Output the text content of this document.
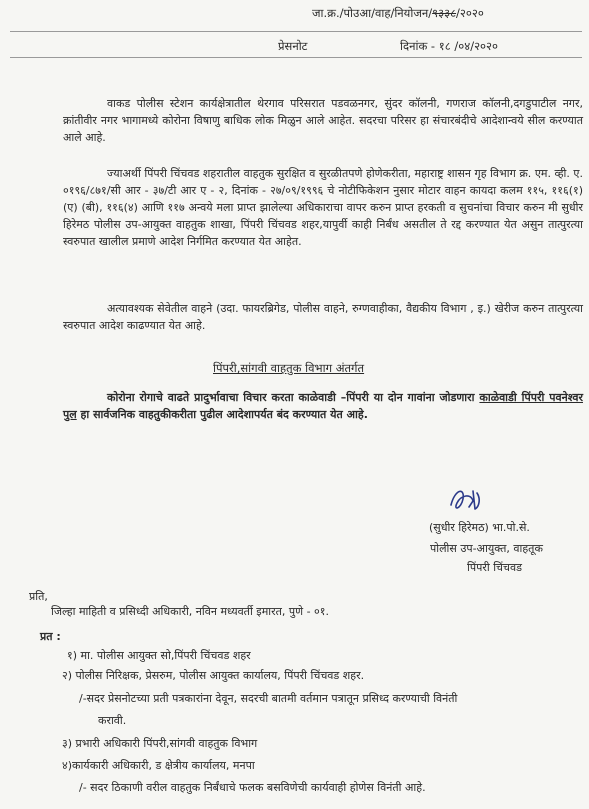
जा.क्र./पोउआ/वाह/नियोजन/९३३८/२०२०
प्रेसनोट	दिनांक - १८ /०४/२०२०
वाकड पोलीस स्टेशन कार्यक्षेत्रातील थेरगाव परिसरात पडवळनगर, सुंदर कॉलनी, गणराज कॉलनी,दगडुपाटील नगर, क्रांतीवीर नगर भागामध्ये कोरोना विषाणु बाधिक लोक मिळुन आले आहेत. सदरचा परिसर हा संचारबंदीचे आदेशान्वये सील करण्यात आले आहे.
ज्याअर्थी पिंपरी चिंचवड शहरातील वाहतुक सुरक्षित व सुरळीतपणे होणेकरीता, महाराष्ट्र शासन गृह विभाग क्र. एम. व्ही. ए. ०१९६/८७१/सी आर - ३७/टी आर ए - २, दिनांक - २७/०९/१९९६ चे नोटीफिकेशन नुसार मोटार वाहन कायदा कलम ११५, ११६(१) (ए) (बी), ११६(४) आणि ११७ अन्वये मला प्राप्त झालेल्या अधिकाराचा वापर करुन प्राप्त हरकती व सुचनांचा विचार करुन मी सुधीर हिरेमठ पोलीस उप-आयुक्त वाहतुक शाखा, पिंपरी चिंचवड शहर,यापुर्वी काही निर्बंध असतील ते रद्द करण्यात येत असुन तात्पुरत्या स्वरुपात खालील प्रमाणे आदेश निर्गमित करण्यात येत आहेत.
अत्यावश्यक सेवेतील वाहने (उदा. फायरब्रिगेड, पोलीस वाहने, रुग्णवाहीका, वैद्यकीय विभाग , इ.) खेरीज करुन तात्पुरत्या स्वरुपात आदेश काढण्यात येत आहे.
पिंपरी,सांगवी वाहतुक विभाग अंतर्गत
कोरोना रोगाचे वाढते प्रादुर्भावाचा विचार करता काळेवाडी –पिंपरी या दोन गावांना जोडणारा काळेवाडी पिंपरी पवनेश्वर पुल हा सार्वजनिक वाहतुकीकरीता पुढील आदेशापर्यत बंद करण्यात येत आहे.
(सुधीर हिरेमठ) भा.पो.से.
पोलीस उप-आयुक्त, वाहतूक
पिंपरी चिंचवड
प्रति,
जिल्हा माहिती व प्रसिध्दी अधिकारी, नविन मध्यवर्ती इमारत, पुणे - ०१.
प्रत :
१) मा. पोलीस आयुक्त सो,पिंपरी चिंचवड शहर
२) पोलीस निरिक्षक, प्रेसरुम, पोलीस आयुक्त कार्यालय, पिंपरी चिंचवड शहर.
/-सदर प्रेसनोटच्या प्रती पत्रकारांना देवून, सदरची बातमी वर्तमान पत्रातून प्रसिध्द करण्याची विनंती
करावी.
३) प्रभारी अधिकारी पिंपरी,सांगवी वाहतुक विभाग
४)कार्यकारी अधिकारी, ड क्षेत्रीय कार्यालय, मनपा
/- सदर ठिकाणी वरील वाहतुक निर्बंधाचे फलक बसविणेची कार्यवाही होणेस विनंती आहे.
